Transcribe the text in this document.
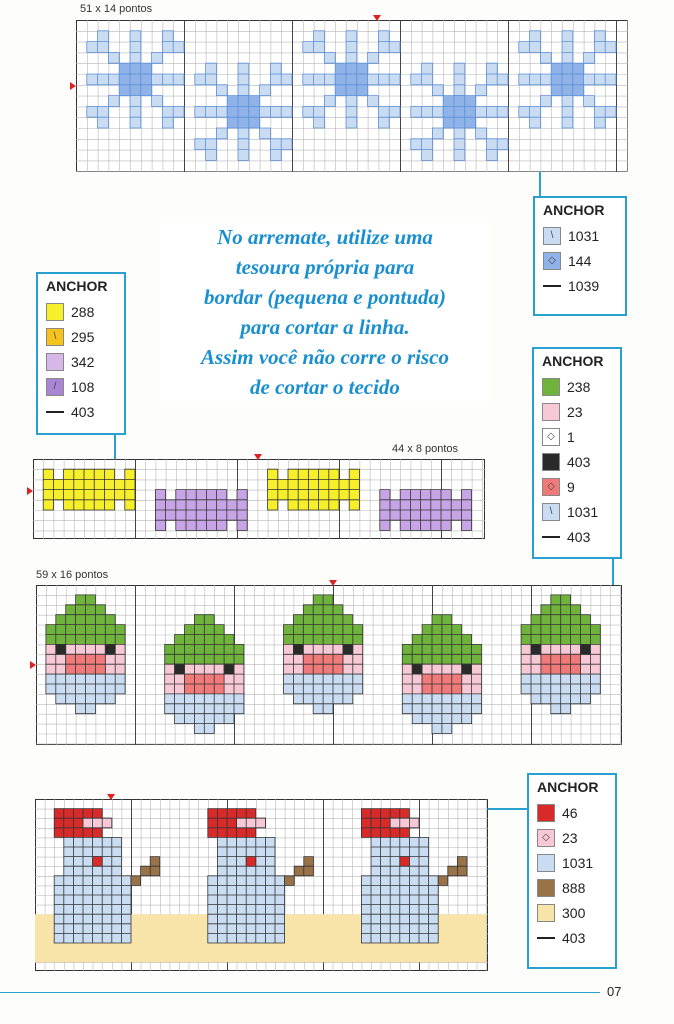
51 x 14 pontos
44 x 8 pontos
59 x 16 pontos
No arremate, utilize uma
tesoura própria para
bordar (pequena e pontuda)
para cortar a linha.
Assim você não corre o risco
de cortar o tecido
ANCHOR
\	1031
◇ 144
1039
ANCHOR
288
\	295
342
/	108
403
ANCHOR
238
23
◇ 1
403
◇ 9
\	1031
403
ANCHOR
46
◇ 23
1031
888
300
403
07
